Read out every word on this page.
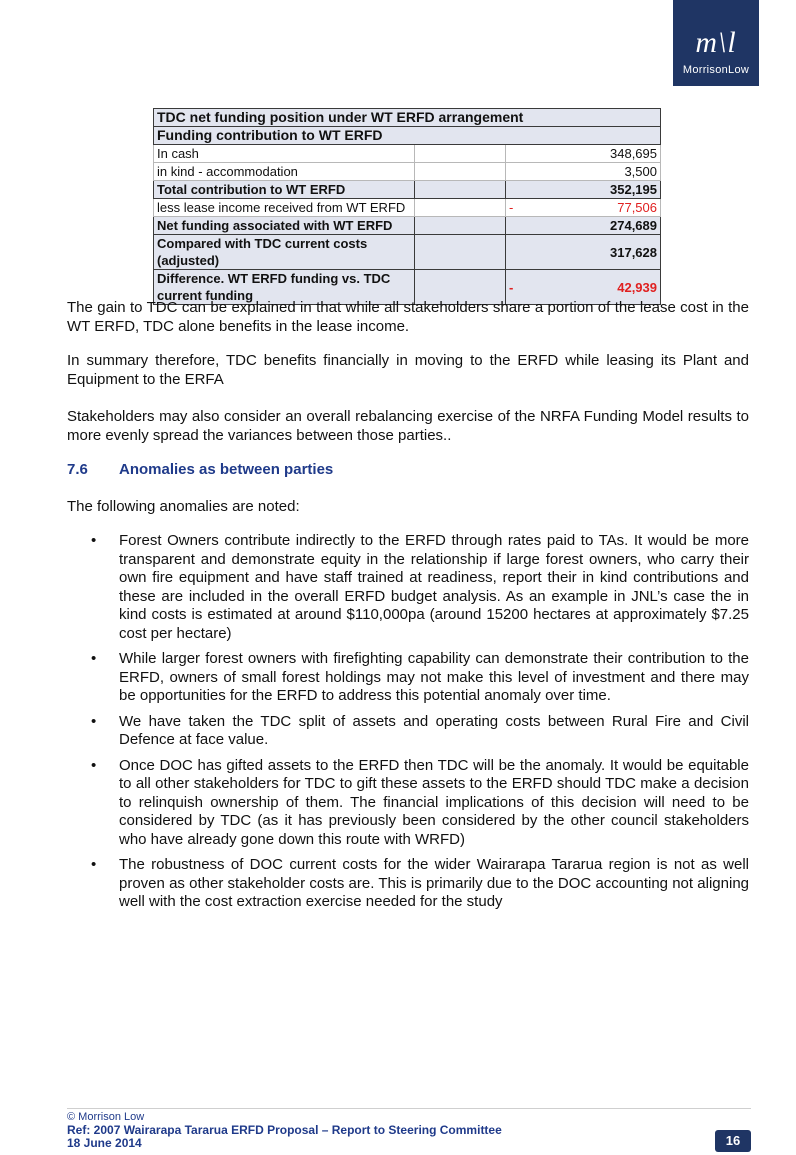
m\l
MorrisonLow
TDC net funding position under WT ERFD arrangement		
Funding contribution to WT ERFD		
In cash		348,695
in kind - accommodation		3,500
Total contribution to WT ERFD		352,195
less lease income received from WT ERFD		- 77,506
Net funding associated with WT ERFD		274,689
Compared with TDC current costs (adjusted)		317,628
Difference. WT ERFD funding vs. TDC current funding		- 42,939

The gain to TDC can be explained in that while all stakeholders share a portion of the lease cost in the WT ERFD, TDC alone benefits in the lease income.

In summary therefore, TDC benefits financially in moving to the ERFD while leasing its Plant and Equipment to the ERFA

Stakeholders may also consider an overall rebalancing exercise of the NRFA Funding Model results to more evenly spread the variances between those parties..

7.6 Anomalies as between parties

The following anomalies are noted:

• Forest Owners contribute indirectly to the ERFD through rates paid to TAs. It would be more transparent and demonstrate equity in the relationship if large forest owners, who carry their own fire equipment and have staff trained at readiness, report their in kind contributions and these are included in the overall ERFD budget analysis. As an example in JNL’s case the in kind costs is estimated at around $110,000pa (around 15200 hectares at approximately $7.25 cost per hectare)
• While larger forest owners with firefighting capability can demonstrate their contribution to the ERFD, owners of small forest holdings may not make this level of investment and there may be opportunities for the ERFD to address this potential anomaly over time.
• We have taken the TDC split of assets and operating costs between Rural Fire and Civil Defence at face value.
• Once DOC has gifted assets to the ERFD then TDC will be the anomaly. It would be equitable to all other stakeholders for TDC to gift these assets to the ERFD should TDC make a decision to relinquish ownership of them. The financial implications of this decision will need to be considered by TDC (as it has previously been considered by the other council stakeholders who have already gone down this route with WRFD)
• The robustness of DOC current costs for the wider Wairarapa Tararua region is not as well proven as other stakeholder costs are. This is primarily due to the DOC accounting not aligning well with the cost extraction exercise needed for the study
© Morrison Low
Ref: 2007 Wairarapa Tararua ERFD Proposal – Report to Steering Committee
18 June 2014	16
